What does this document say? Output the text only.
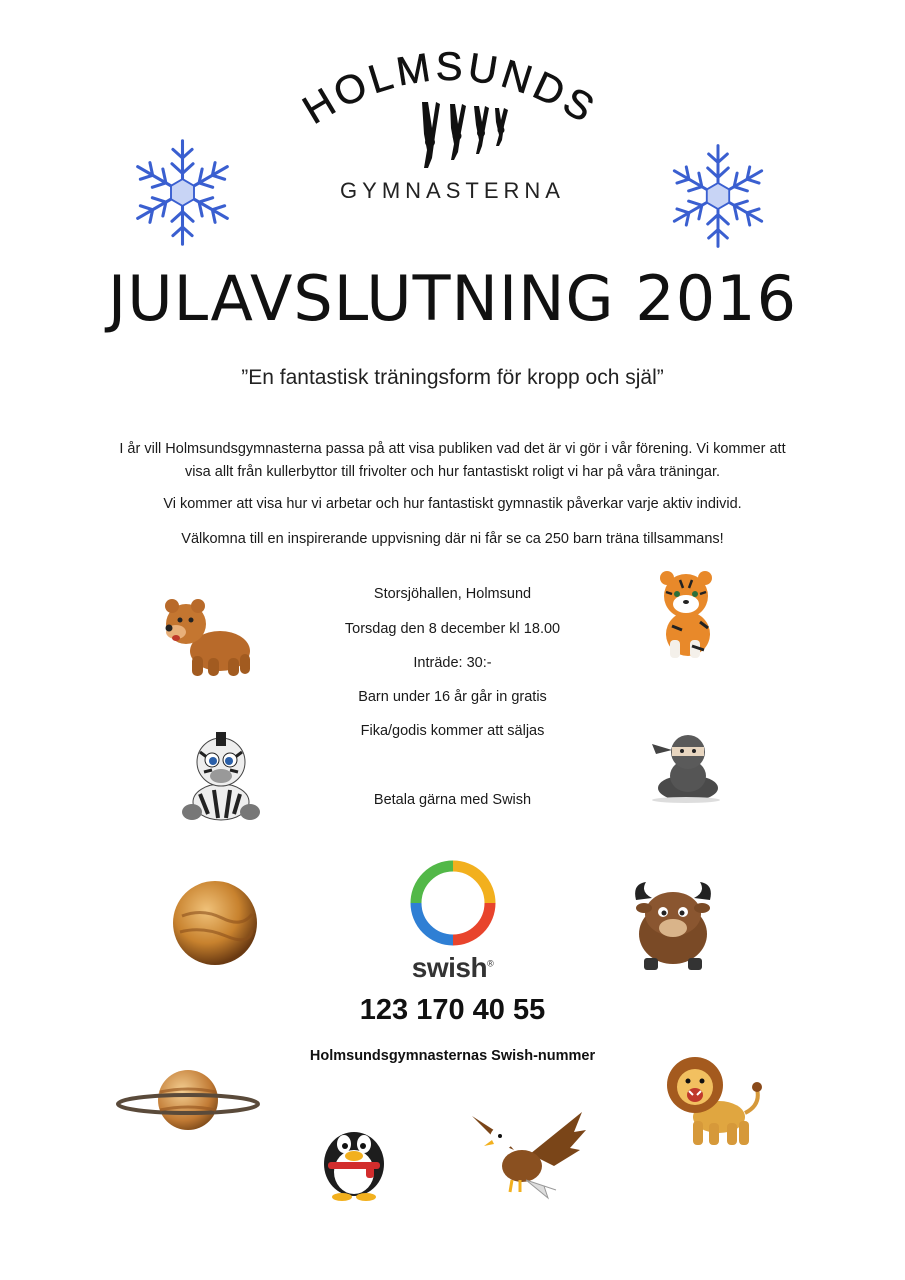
HOLMSUNDS
GYMNASTERNA
JULAVSLUTNING 2016
”En fantastisk träningsform för kropp och själ”
I år vill Holmsundsgymnasterna passa på att visa publiken vad det är vi gör i vår förening. Vi kommer att visa allt från kullerbyttor till frivolter och hur fantastiskt roligt vi har på våra träningar.
Vi kommer att visa hur vi arbetar och hur fantastiskt gymnastik påverkar varje aktiv individ.
Välkomna till en inspirerande uppvisning där ni får se ca 250 barn träna tillsammans!
Storsjöhallen, Holmsund
Torsdag den 8 december kl 18.00
Inträde: 30:-
Barn under 16 år går in gratis
Fika/godis kommer att säljas
Betala gärna med Swish
swish®
123 170 40 55
Holmsundsgymnasternas Swish-nummer
